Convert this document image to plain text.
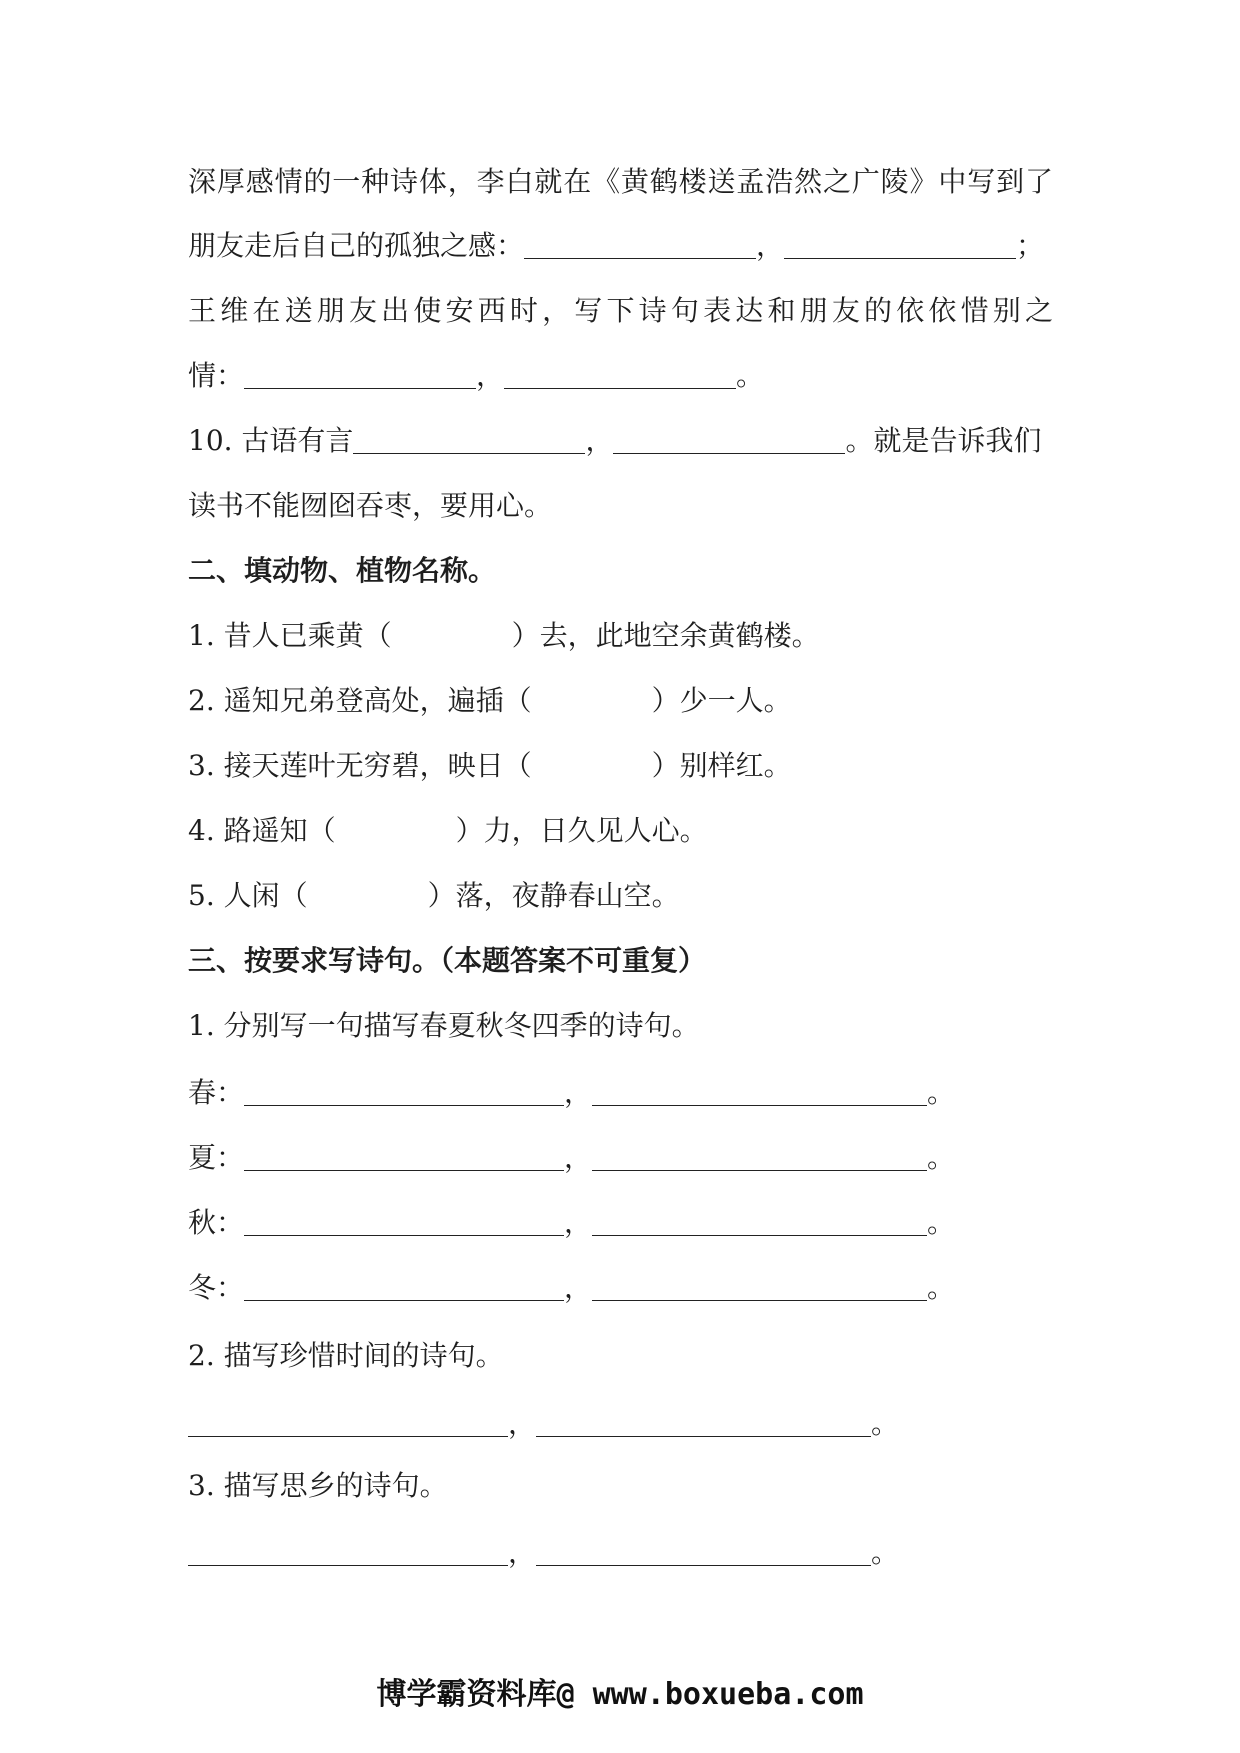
深厚感情的一种诗体，李白就在《黄鹤楼送孟浩然之广陵》中写到了
朋友走后自己的孤独之感：	，	；
王维在送朋友出使安西时，写下诗句表达和朋友的依依惜别之
情：	，	。
10. 古语有言	，	。就是告诉我们
读书不能囫囵吞枣，要用心。
二、填动物、植物名称。
1. 昔人已乘黄（	）去，此地空余黄鹤楼。
2. 遥知兄弟登高处，遍插（	）少一人。
3. 接天莲叶无穷碧，映日（	）别样红。
4. 路遥知（	）力，日久见人心。
5. 人闲（	）落，夜静春山空。
三、按要求写诗句。（本题答案不可重复）
1. 分别写一句描写春夏秋冬四季的诗句。
春：	，	。
夏：	，	。
秋：	，	。
冬：	，	。
2. 描写珍惜时间的诗句。
，	。
3. 描写思乡的诗句。
，	。
博学霸资料库@ www.boxueba.com
